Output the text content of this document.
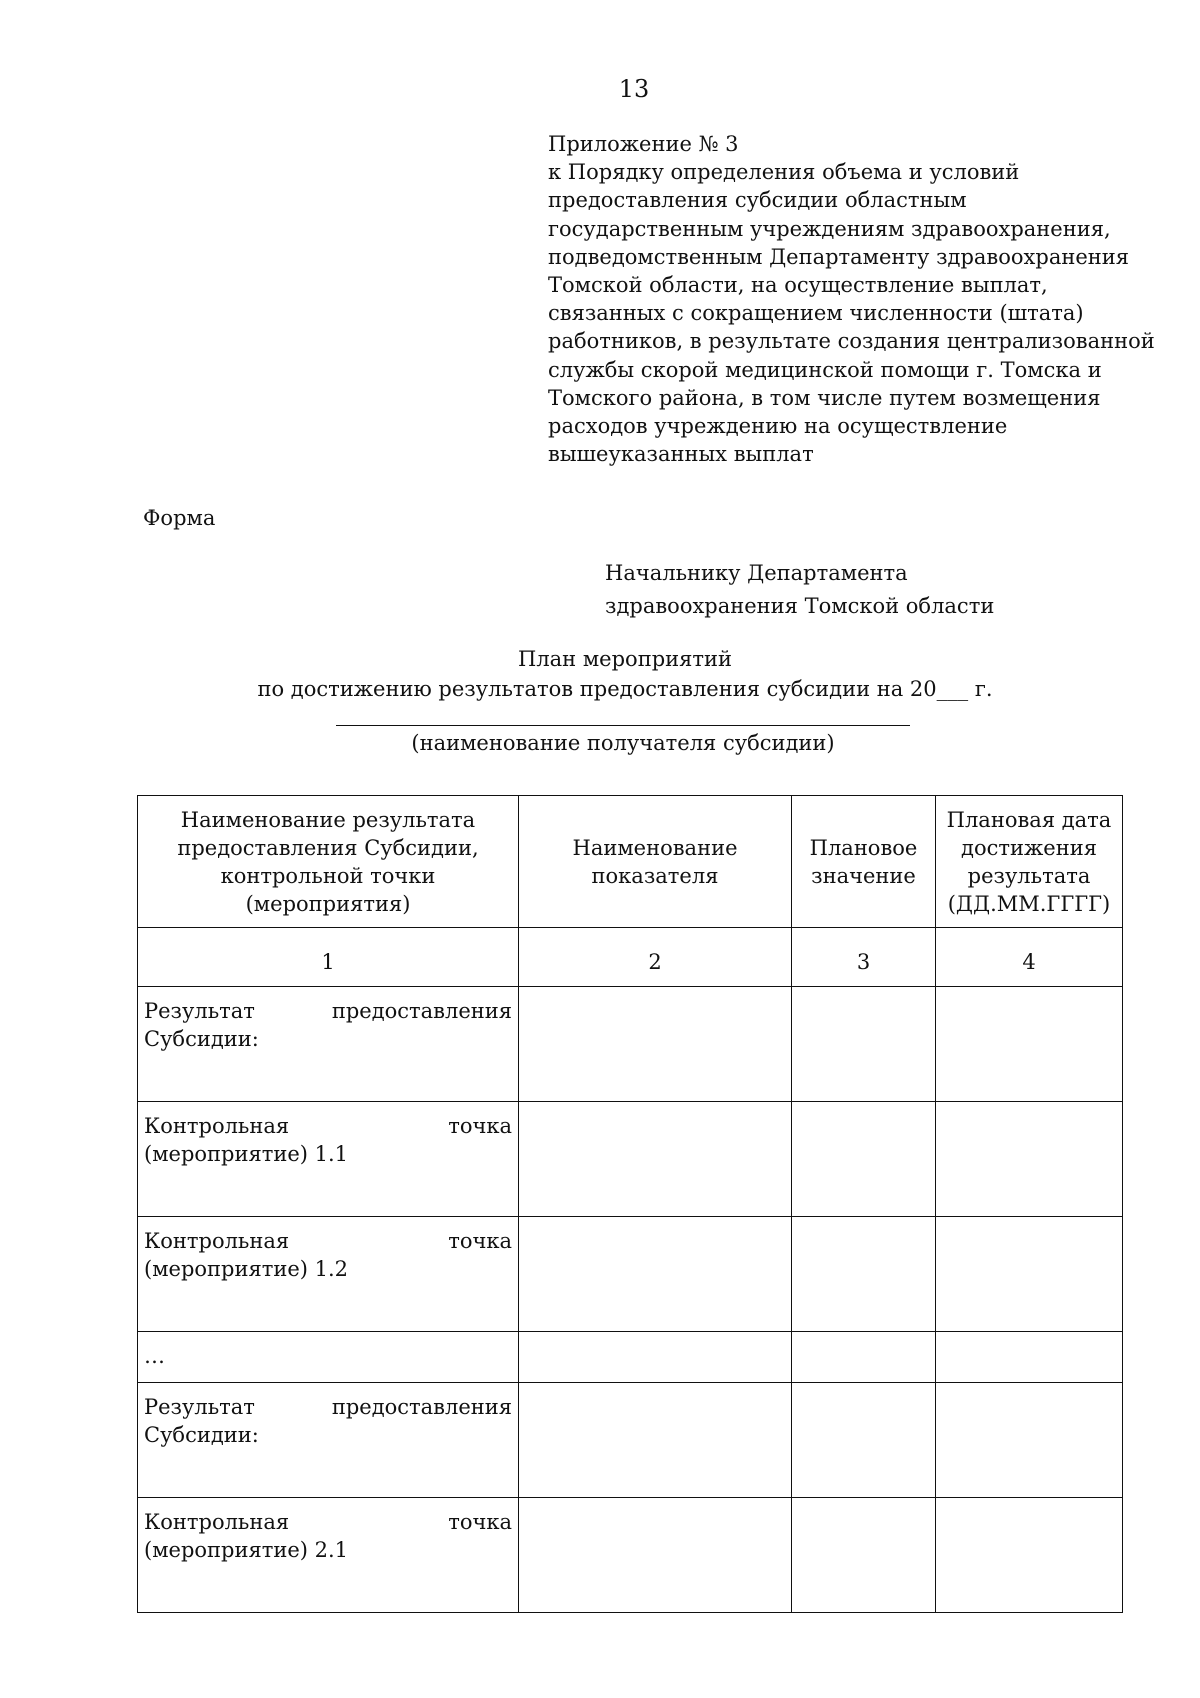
13
Приложение № 3
к Порядку определения объема и условий
предоставления субсидии областным
государственным учреждениям здравоохранения,
подведомственным Департаменту здравоохранения
Томской области, на осуществление выплат,
связанных с сокращением численности (штата)
работников, в результате создания централизованной
службы скорой медицинской помощи г. Томска и
Томского района, в том числе путем возмещения
расходов учреждению на осуществление
вышеуказанных выплат
Форма
Начальнику Департамента
здравоохранения Томской области
План мероприятий
по достижению результатов предоставления субсидии на 20___ г.
(наименование получателя субсидии)
Наименование результата предоставления Субсидии, контрольной точки (мероприятия)	Наименование показателя	Плановое значение	Плановая дата достижения результата (ДД.ММ.ГГГГ)
1	2	3	4

Результат предоставления
Субсидии:			

Контрольная точка (мероприятие) 1.1			
Контрольная точка (мероприятие) 1.2			
…			

Результат предоставления
Субсидии:			

Контрольная точка (мероприятие) 2.1			
